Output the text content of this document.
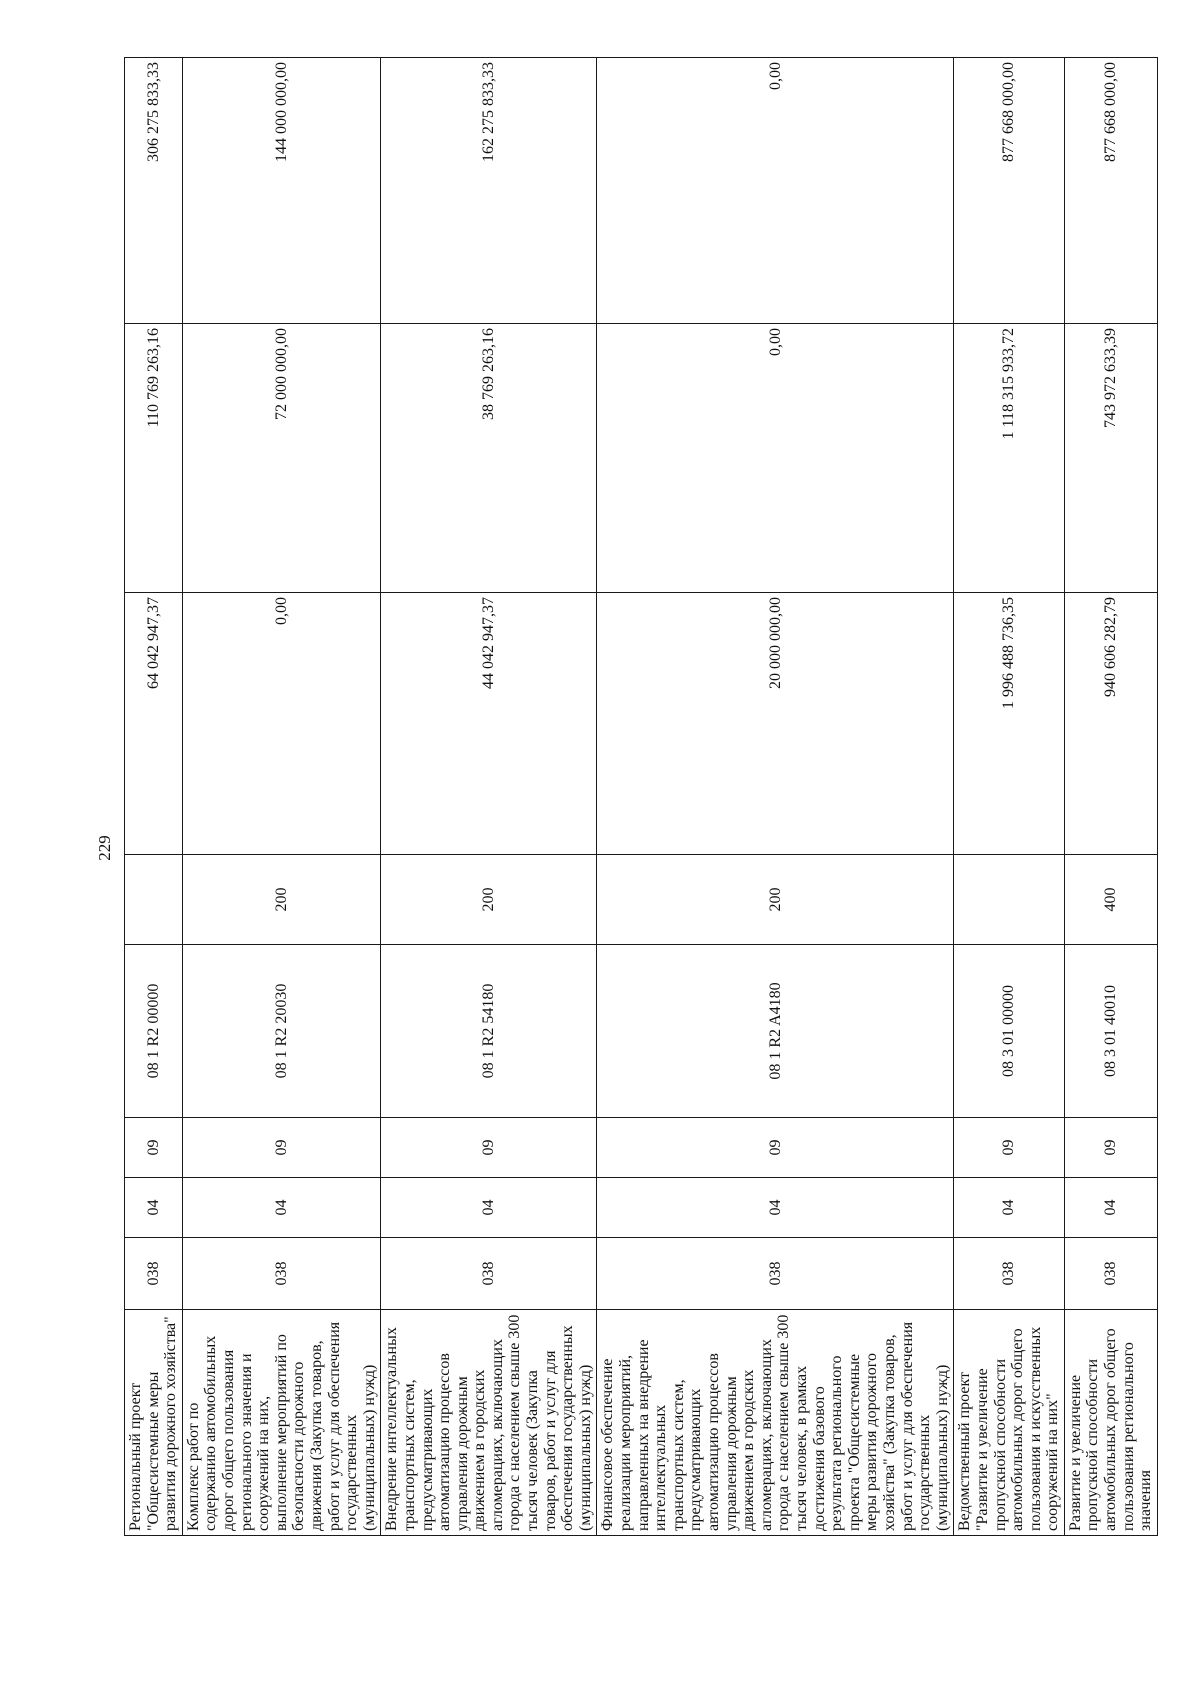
229
Региональный проект "Общесистемные меры развития дорожного хозяйства"	038	04	09	08 1 R2 00000		64 042 947,37	110 769 263,16	306 275 833,33
Комплекс работ по содержанию автомобильных дорог общего пользования регионального значения и сооружений на них, выполнение мероприятий по безопасности дорожного движения (Закупка товаров, работ и услуг для обеспечения государственных (муниципальных) нужд)	038	04	09	08 1 R2 20030	200	0,00	72 000 000,00	144 000 000,00
Внедрение интеллектуальных транспортных систем, предусматривающих автоматизацию процессов управления дорожным движением в городских агломерациях, включающих города с населением свыше 300 тысяч человек (Закупка товаров, работ и услуг для обеспечения государственных (муниципальных) нужд)	038	04	09	08 1 R2 54180	200	44 042 947,37	38 769 263,16	162 275 833,33
Финансовое обеспечение реализации мероприятий, направленных на внедрение интеллектуальных транспортных систем, предусматривающих автоматизацию процессов управления дорожным движением в городских агломерациях, включающих города с населением свыше 300 тысяч человек, в рамках достижения базового результата регионального проекта "Общесистемные меры развития дорожного хозяйства" (Закупка товаров, работ и услуг для обеспечения государственных (муниципальных) нужд)	038	04	09	08 1 R2 A4180	200	20 000 000,00	0,00	0,00
Ведомственный проект "Развитие и увеличение пропускной способности автомобильных дорог общего пользования и искусственных сооружений на них"	038	04	09	08 3 01 00000		1 996 488 736,35	1 118 315 933,72	877 668 000,00
Развитие и увеличение пропускной способности автомобильных дорог общего пользования регионального значения	038	04	09	08 3 01 40010	400	940 606 282,79	743 972 633,39	877 668 000,00
